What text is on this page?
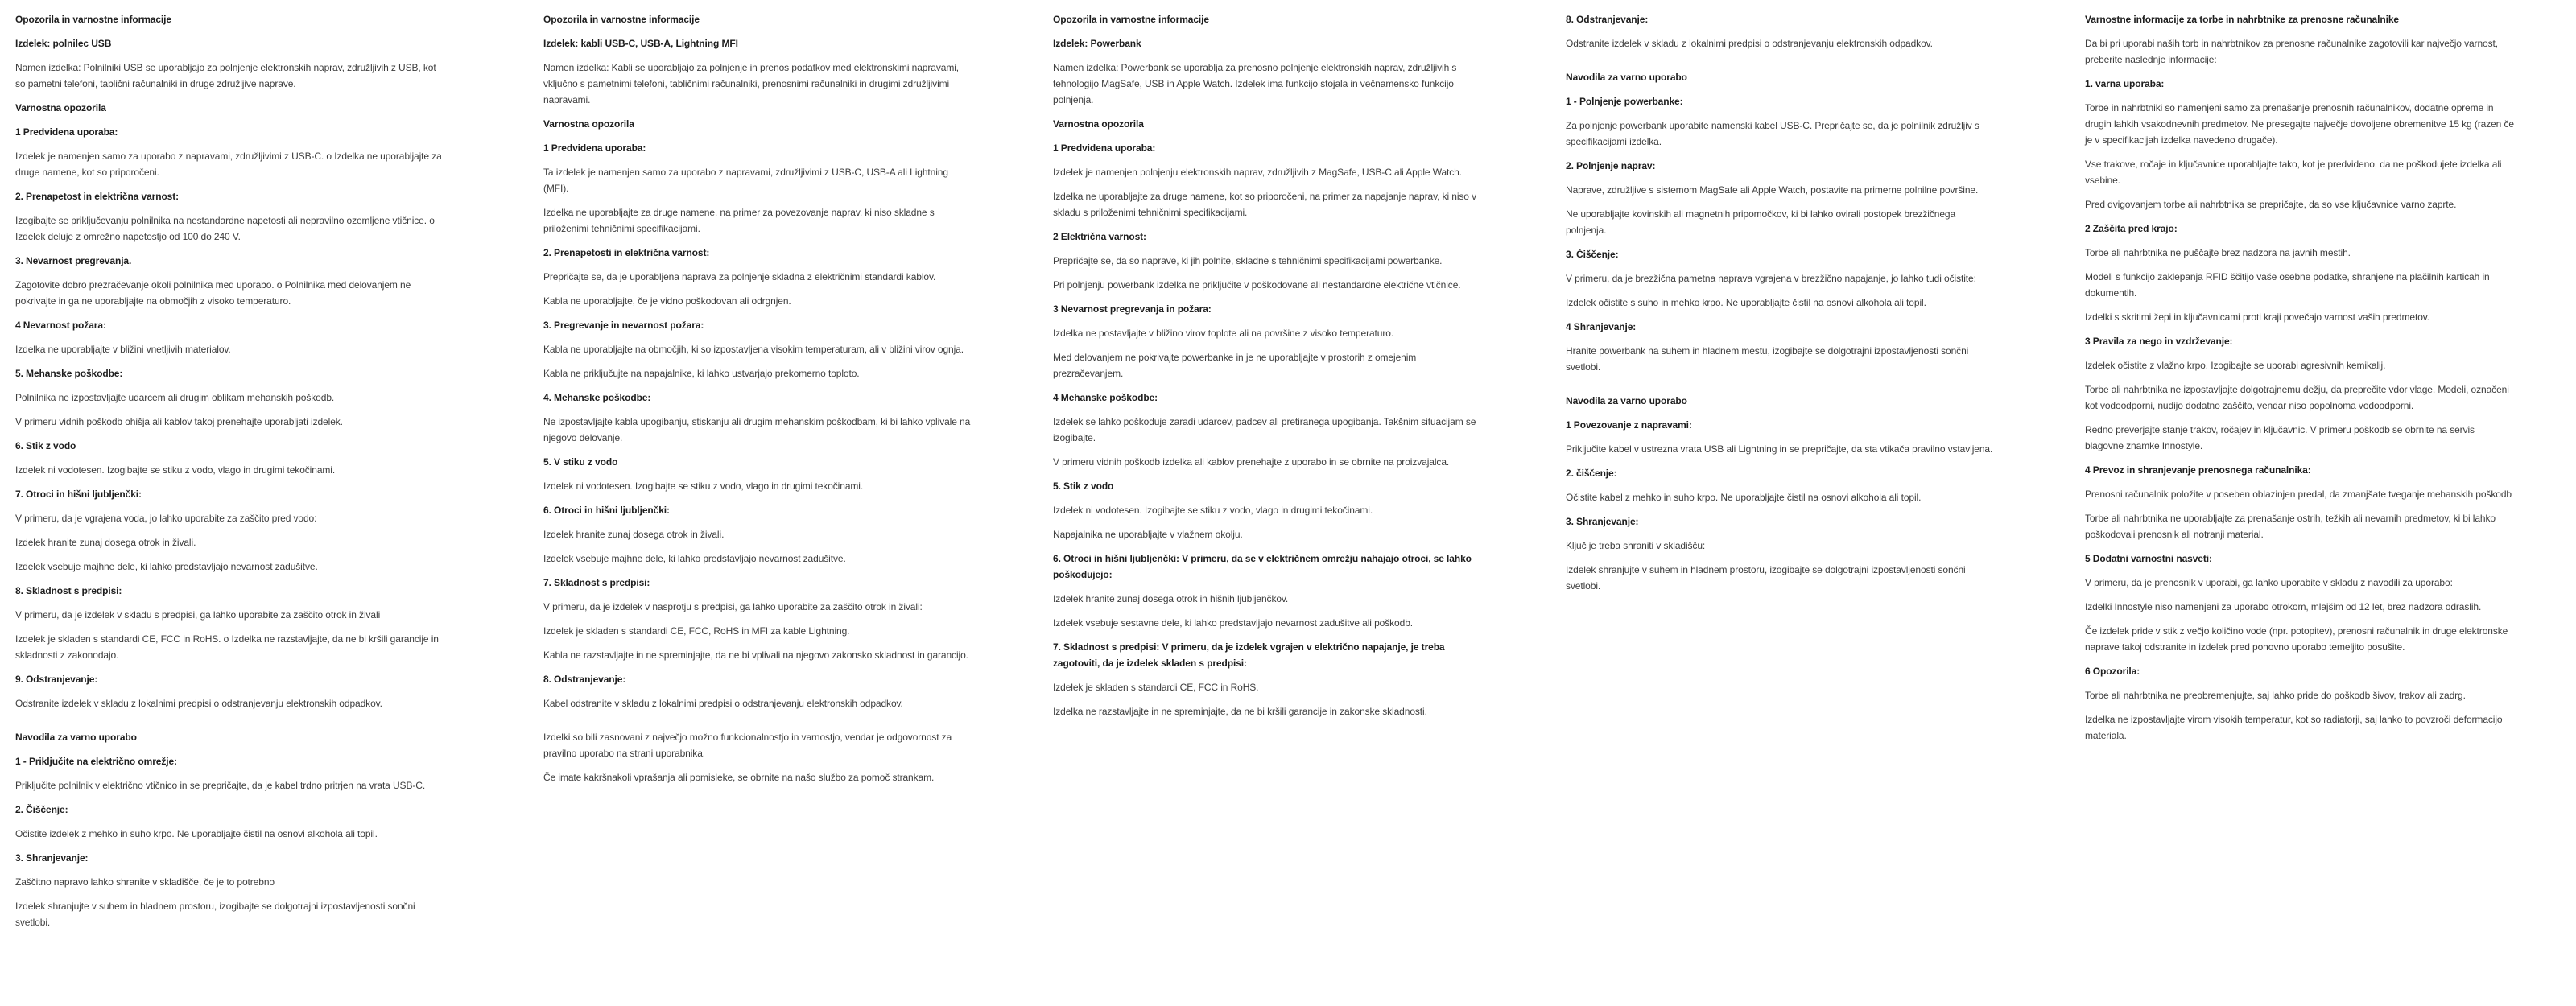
Opozorila in varnostne informacije
Izdelek: polnilec USB
Namen izdelka: Polnilniki USB se uporabljajo za polnjenje elektronskih naprav, združljivih z USB, kot so pametni telefoni, tablični računalniki in druge združljive naprave.
Varnostna opozorila
1 Predvidena uporaba:
Izdelek je namenjen samo za uporabo z napravami, združljivimi z USB-C. o Izdelka ne uporabljajte za druge namene, kot so priporočeni.
2. Prenapetost in električna varnost:
Izogibajte se priključevanju polnilnika na nestandardne napetosti ali nepravilno ozemljene vtičnice. o Izdelek deluje z omrežno napetostjo od 100 do 240 V.
3. Nevarnost pregrevanja.
Zagotovite dobro prezračevanje okoli polnilnika med uporabo. o Polnilnika med delovanjem ne pokrivajte in ga ne uporabljajte na območjih z visoko temperaturo.
4 Nevarnost požara:
Izdelka ne uporabljajte v bližini vnetljivih materialov.
5. Mehanske poškodbe:
Polnilnika ne izpostavljajte udarcem ali drugim oblikam mehanskih poškodb.
V primeru vidnih poškodb ohišja ali kablov takoj prenehajte uporabljati izdelek.
6. Stik z vodo
Izdelek ni vodotesen. Izogibajte se stiku z vodo, vlago in drugimi tekočinami.
7. Otroci in hišni ljubljenčki:
V primeru, da je vgrajena voda, jo lahko uporabite za zaščito pred vodo:
Izdelek hranite zunaj dosega otrok in živali.
Izdelek vsebuje majhne dele, ki lahko predstavljajo nevarnost zadušitve.
8. Skladnost s predpisi:
V primeru, da je izdelek v skladu s predpisi, ga lahko uporabite za zaščito otrok in živali
Izdelek je skladen s standardi CE, FCC in RoHS. o Izdelka ne razstavljajte, da ne bi kršili garancije in skladnosti z zakonodajo.
9. Odstranjevanje:
Odstranite izdelek v skladu z lokalnimi predpisi o odstranjevanju elektronskih odpadkov.
Navodila za varno uporabo
1 - Priključite na električno omrežje:
Priključite polnilnik v električno vtičnico in se prepričajte, da je kabel trdno pritrjen na vrata USB-C.
2. Čiščenje:
Očistite izdelek z mehko in suho krpo. Ne uporabljajte čistil na osnovi alkohola ali topil.
3. Shranjevanje:
Zaščitno napravo lahko shranite v skladišče, če je to potrebno
Izdelek shranjujte v suhem in hladnem prostoru, izogibajte se dolgotrajni izpostavljenosti sončni svetlobi.
Opozorila in varnostne informacije
Izdelek: kabli USB-C, USB-A, Lightning MFI
Namen izdelka: Kabli se uporabljajo za polnjenje in prenos podatkov med elektronskimi napravami, vključno s pametnimi telefoni, tabličnimi računalniki, prenosnimi računalniki in drugimi združljivimi napravami.
Varnostna opozorila
1 Predvidena uporaba:
Ta izdelek je namenjen samo za uporabo z napravami, združljivimi z USB-C, USB-A ali Lightning (MFI).
Izdelka ne uporabljajte za druge namene, na primer za povezovanje naprav, ki niso skladne s priloženimi tehničnimi specifikacijami.
2. Prenapetosti in električna varnost:
Prepričajte se, da je uporabljena naprava za polnjenje skladna z električnimi standardi kablov.
Kabla ne uporabljajte, če je vidno poškodovan ali odrgnjen.
3. Pregrevanje in nevarnost požara:
Kabla ne uporabljajte na območjih, ki so izpostavljena visokim temperaturam, ali v bližini virov ognja.
Kabla ne priključujte na napajalnike, ki lahko ustvarjajo prekomerno toploto.
4. Mehanske poškodbe:
Ne izpostavljajte kabla upogibanju, stiskanju ali drugim mehanskim poškodbam, ki bi lahko vplivale na njegovo delovanje.
5. V stiku z vodo
Izdelek ni vodotesen. Izogibajte se stiku z vodo, vlago in drugimi tekočinami.
6. Otroci in hišni ljubljenčki:
Izdelek hranite zunaj dosega otrok in živali.
Izdelek vsebuje majhne dele, ki lahko predstavljajo nevarnost zadušitve.
7. Skladnost s predpisi:
V primeru, da je izdelek v nasprotju s predpisi, ga lahko uporabite za zaščito otrok in živali:
Izdelek je skladen s standardi CE, FCC, RoHS in MFI za kable Lightning.
Kabla ne razstavljajte in ne spreminjajte, da ne bi vplivali na njegovo zakonsko skladnost in garancijo.
8. Odstranjevanje:
Kabel odstranite v skladu z lokalnimi predpisi o odstranjevanju elektronskih odpadkov.
Izdelki so bili zasnovani z največjo možno funkcionalnostjo in varnostjo, vendar je odgovornost za pravilno uporabo na strani uporabnika.
Če imate kakršnakoli vprašanja ali pomisleke, se obrnite na našo službo za pomoč strankam.
Opozorila in varnostne informacije
Izdelek: Powerbank
Namen izdelka: Powerbank se uporablja za prenosno polnjenje elektronskih naprav, združljivih s tehnologijo MagSafe, USB in Apple Watch. Izdelek ima funkcijo stojala in večnamensko funkcijo polnjenja.
Varnostna opozorila
1 Predvidena uporaba:
Izdelek je namenjen polnjenju elektronskih naprav, združljivih z MagSafe, USB-C ali Apple Watch.
Izdelka ne uporabljajte za druge namene, kot so priporočeni, na primer za napajanje naprav, ki niso v skladu s priloženimi tehničnimi specifikacijami.
2 Električna varnost:
Prepričajte se, da so naprave, ki jih polnite, skladne s tehničnimi specifikacijami powerbanke.
Pri polnjenju powerbank izdelka ne priključite v poškodovane ali nestandardne električne vtičnice.
3 Nevarnost pregrevanja in požara:
Izdelka ne postavljajte v bližino virov toplote ali na površine z visoko temperaturo.
Med delovanjem ne pokrivajte powerbanke in je ne uporabljajte v prostorih z omejenim prezračevanjem.
4 Mehanske poškodbe:
Izdelek se lahko poškoduje zaradi udarcev, padcev ali pretiranega upogibanja. Takšnim situacijam se izogibajte.
V primeru vidnih poškodb izdelka ali kablov prenehajte z uporabo in se obrnite na proizvajalca.
5. Stik z vodo
Izdelek ni vodotesen. Izogibajte se stiku z vodo, vlago in drugimi tekočinami.
Napajalnika ne uporabljajte v vlažnem okolju.
6. Otroci in hišni ljubljenčki: V primeru, da se v električnem omrežju nahajajo otroci, se lahko poškodujejo:
Izdelek hranite zunaj dosega otrok in hišnih ljubljenčkov.
Izdelek vsebuje sestavne dele, ki lahko predstavljajo nevarnost zadušitve ali poškodb.
7. Skladnost s predpisi: V primeru, da je izdelek vgrajen v električno napajanje, je treba zagotoviti, da je izdelek skladen s predpisi:
Izdelek je skladen s standardi CE, FCC in RoHS.
Izdelka ne razstavljajte in ne spreminjajte, da ne bi kršili garancije in zakonske skladnosti.
8. Odstranjevanje:
Odstranite izdelek v skladu z lokalnimi predpisi o odstranjevanju elektronskih odpadkov.
Navodila za varno uporabo
1 - Polnjenje powerbanke:
Za polnjenje powerbank uporabite namenski kabel USB-C. Prepričajte se, da je polnilnik združljiv s specifikacijami izdelka.
2. Polnjenje naprav:
Naprave, združljive s sistemom MagSafe ali Apple Watch, postavite na primerne polnilne površine.
Ne uporabljajte kovinskih ali magnetnih pripomočkov, ki bi lahko ovirali postopek brezžičnega polnjenja.
3. Čiščenje:
V primeru, da je brezžična pametna naprava vgrajena v brezžično napajanje, jo lahko tudi očistite:
Izdelek očistite s suho in mehko krpo. Ne uporabljajte čistil na osnovi alkohola ali topil.
4 Shranjevanje:
Hranite powerbank na suhem in hladnem mestu, izogibajte se dolgotrajni izpostavljenosti sončni svetlobi.
Navodila za varno uporabo
1 Povezovanje z napravami:
Priključite kabel v ustrezna vrata USB ali Lightning in se prepričajte, da sta vtikača pravilno vstavljena.
2. čiščenje:
Očistite kabel z mehko in suho krpo. Ne uporabljajte čistil na osnovi alkohola ali topil.
3. Shranjevanje:
Ključ je treba shraniti v skladišču:
Izdelek shranjujte v suhem in hladnem prostoru, izogibajte se dolgotrajni izpostavljenosti sončni svetlobi.
Varnostne informacije za torbe in nahrbtnike za prenosne računalnike
Da bi pri uporabi naših torb in nahrbtnikov za prenosne računalnike zagotovili kar največjo varnost, preberite naslednje informacije:
1. varna uporaba:
Torbe in nahrbtniki so namenjeni samo za prenašanje prenosnih računalnikov, dodatne opreme in drugih lahkih vsakodnevnih predmetov. Ne presegajte največje dovoljene obremenitve 15 kg (razen če je v specifikacijah izdelka navedeno drugače).
Vse trakove, ročaje in ključavnice uporabljajte tako, kot je predvideno, da ne poškodujete izdelka ali vsebine.
Pred dvigovanjem torbe ali nahrbtnika se prepričajte, da so vse ključavnice varno zaprte.
2 Zaščita pred krajo:
Torbe ali nahrbtnika ne puščajte brez nadzora na javnih mestih.
Modeli s funkcijo zaklepanja RFID ščitijo vaše osebne podatke, shranjene na plačilnih karticah in dokumentih.
Izdelki s skritimi žepi in ključavnicami proti kraji povečajo varnost vaših predmetov.
3 Pravila za nego in vzdrževanje:
Izdelek očistite z vlažno krpo. Izogibajte se uporabi agresivnih kemikalij.
Torbe ali nahrbtnika ne izpostavljajte dolgotrajnemu dežju, da preprečite vdor vlage. Modeli, označeni kot vodoodporni, nudijo dodatno zaščito, vendar niso popolnoma vodoodporni.
Redno preverjajte stanje trakov, ročajev in ključavnic. V primeru poškodb se obrnite na servis blagovne znamke Innostyle.
4 Prevoz in shranjevanje prenosnega računalnika:
Prenosni računalnik položite v poseben oblazinjen predal, da zmanjšate tveganje mehanskih poškodb
Torbe ali nahrbtnika ne uporabljajte za prenašanje ostrih, težkih ali nevarnih predmetov, ki bi lahko poškodovali prenosnik ali notranji material.
5 Dodatni varnostni nasveti:
V primeru, da je prenosnik v uporabi, ga lahko uporabite v skladu z navodili za uporabo:
Izdelki Innostyle niso namenjeni za uporabo otrokom, mlajšim od 12 let, brez nadzora odraslih.
Če izdelek pride v stik z večjo količino vode (npr. potopitev), prenosni računalnik in druge elektronske naprave takoj odstranite in izdelek pred ponovno uporabo temeljito posušite.
6 Opozorila:
Torbe ali nahrbtnika ne preobremenjujte, saj lahko pride do poškodb šivov, trakov ali zadrg.
Izdelka ne izpostavljajte virom visokih temperatur, kot so radiatorji, saj lahko to povzroči deformacijo materiala.
